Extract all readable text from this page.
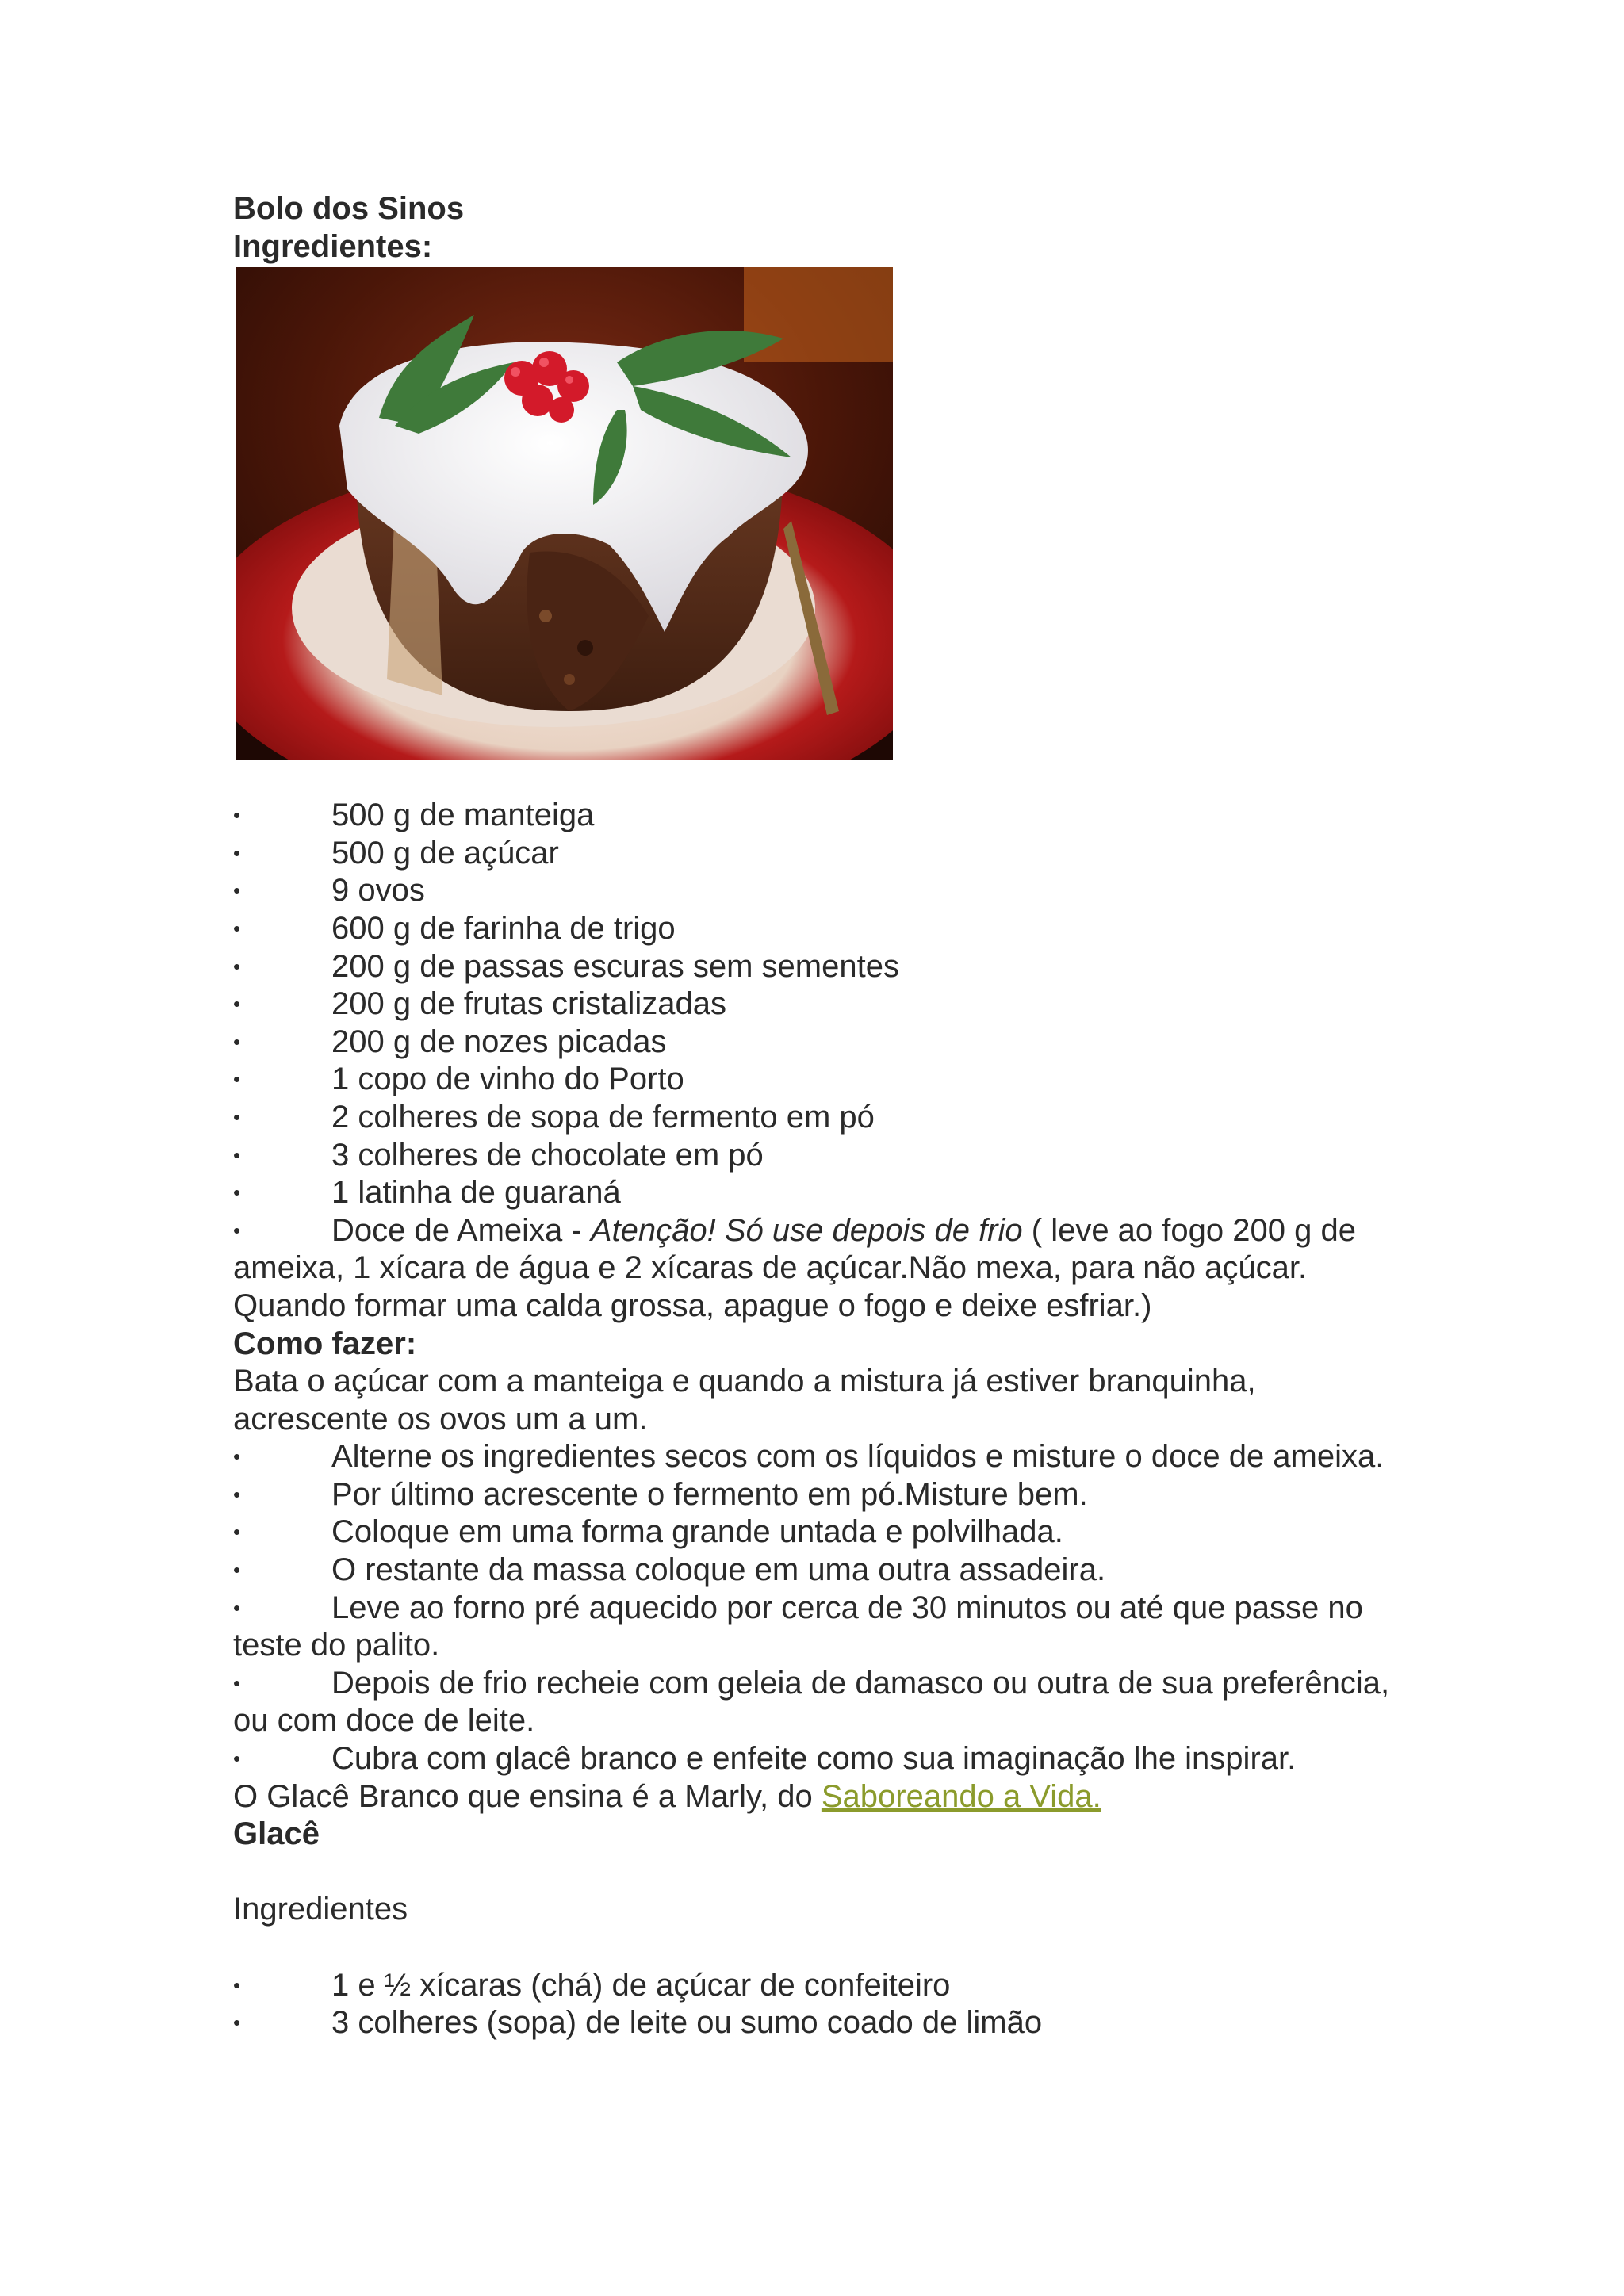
Bolo dos Sinos

Ingredientes:

•	500 g de manteiga
•	500 g de açúcar
•	9 ovos
•	600 g de farinha de trigo
•	200 g de passas escuras sem sementes
•	200 g de frutas cristalizadas
•	200 g de nozes picadas
•	1 copo de vinho do Porto
•	2 colheres de sopa de fermento em pó
•	3 colheres de chocolate em pó
•	1 latinha de guaraná
•	Doce de Ameixa - Atenção! Só use depois de frio ( leve ao fogo 200 g de ameixa, 1 xícara de água e 2 xícaras de açúcar.Não mexa, para não açúcar. Quando formar uma calda grossa, apague o fogo e deixe esfriar.)

Como fazer:

Bata o açúcar com a manteiga e quando a mistura já estiver branquinha, acrescente os ovos um a um.

•	Alterne os ingredientes secos com os líquidos e misture o doce de ameixa.
•	Por último acrescente o fermento em pó.Misture bem.
•	Coloque em uma forma grande untada e polvilhada.
•	O restante da massa coloque em uma outra assadeira.
•	Leve ao forno pré aquecido por cerca de 30 minutos ou até que passe no teste do palito.
•	Depois de frio recheie com geleia de damasco ou outra de sua preferência, ou com doce de leite.
•	Cubra com glacê branco e enfeite como sua imaginação lhe inspirar.

O Glacê Branco que ensina é a Marly, do Saboreando a Vida.

Glacê

Ingredientes

•	1 e ½ xícaras (chá) de açúcar de confeiteiro
•	3 colheres (sopa) de leite ou sumo coado de limão
